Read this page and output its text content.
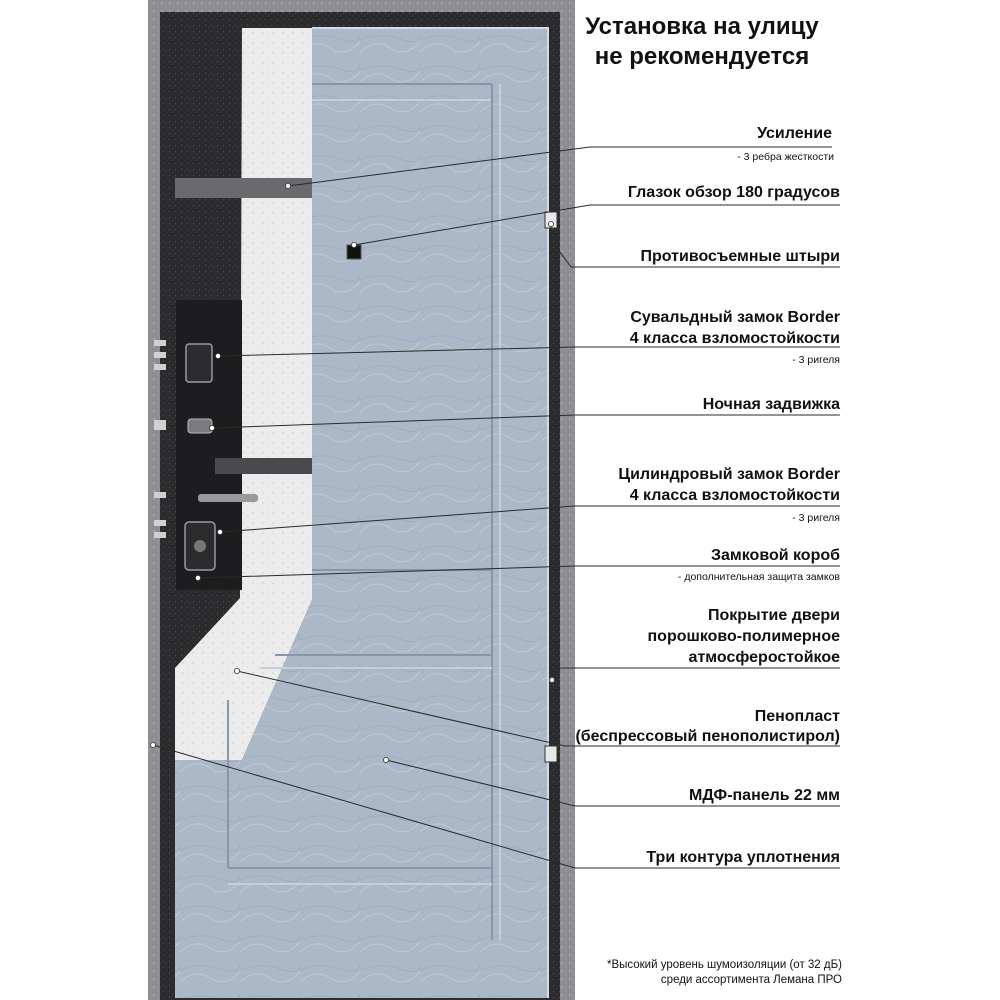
Установка на улицу
не рекомендуется
Усиление
- 3 ребра жесткости
Глазок обзор 180 градусов
Противосъемные штыри
Сувальдный замок Border
4 класса взломостойкости
- 3 ригеля
Ночная задвижка
Цилиндровый замок Border
4 класса взломостойкости
- 3 ригеля
Замковой короб
- дополнительная защита замков
Покрытие двери
порошково-полимерное
атмосферостойкое
Пенопласт
(беспрессовый пенополистирол)
МДФ-панель 22 мм
Три контура уплотнения
*Высокий уровень шумоизоляции (от 32 дБ)
среди ассортимента Лемана ПРО
